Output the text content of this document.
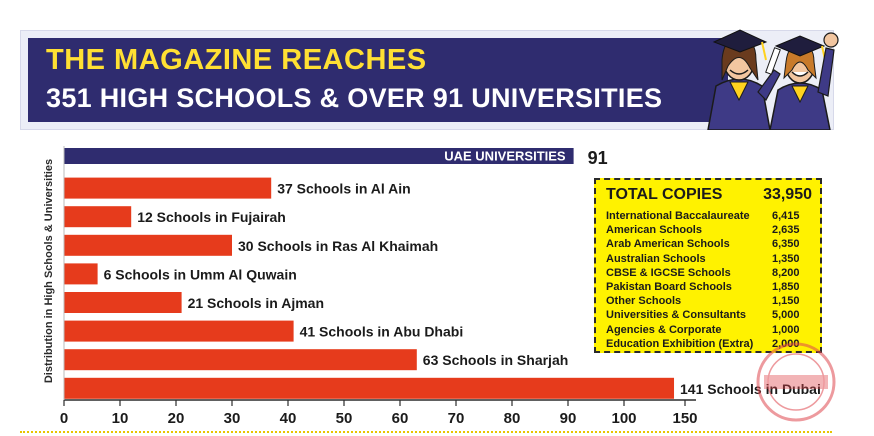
THE MAGAZINE REACHES
351 HIGH SCHOOLS & OVER 91 UNIVERSITIES
Distribution in High Schools & Universities
UAE UNIVERSITIES 91
37 Schools in Al Ain
12 Schools in Fujairah
30 Schools in Ras Al Khaimah
6 Schools in Umm Al Quwain
21 Schools in Ajman
41 Schools in Abu Dhabi
63 Schools in Sharjah
141 Schools in Dubai
0	10	20	30	40	50	60	70	80	90 100 150
TOTAL COPIES	33,950
International Baccalaureate 6,415
American Schools	2,635
Arab American Schools	6,350
Australian Schools	1,350
CBSE & IGCSE Schools	8,200
Pakistan Board Schools	1,850
Other Schools	1,150
Universities & Consultants 5,000
Agencies & Corporate	1,000
Education Exhibition (Extra) 2,000
